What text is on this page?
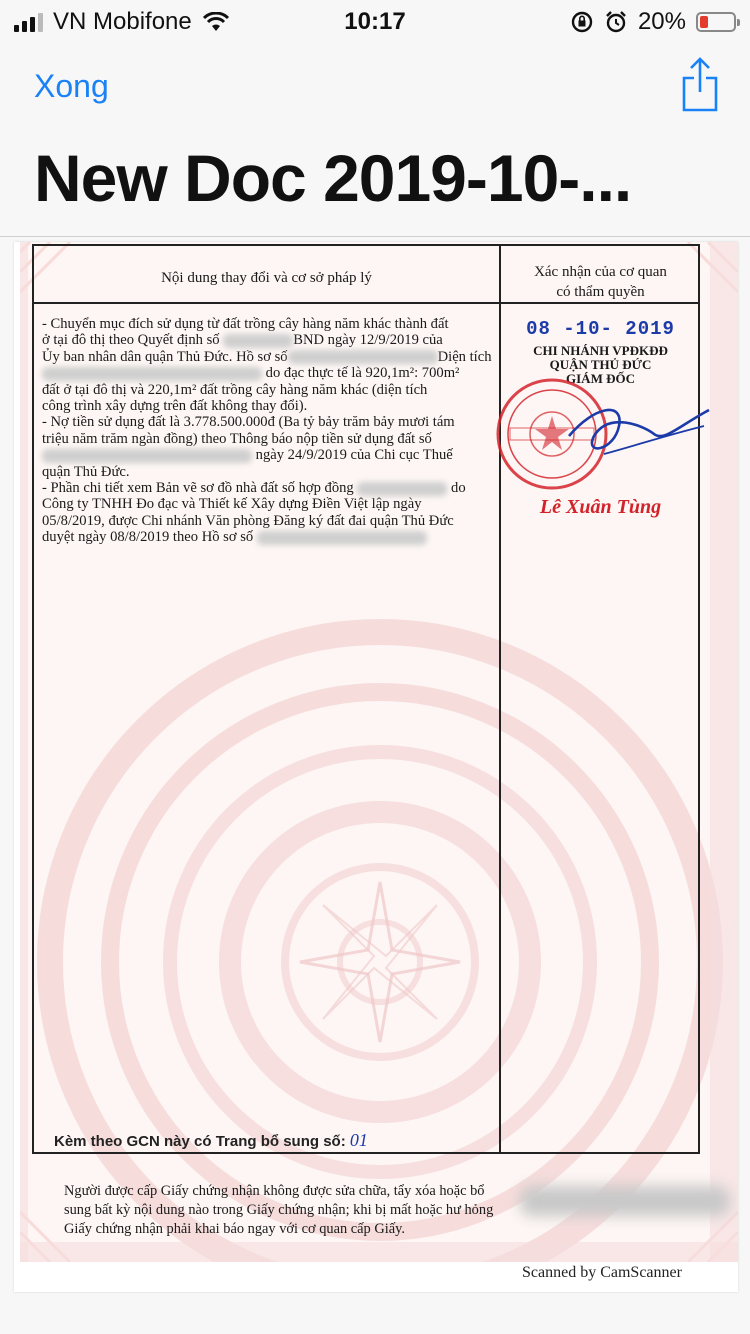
VN Mobifone	10:17	20%
Xong
New Doc 2019-10-...
Nội dung thay đổi và cơ sở pháp lý	Xác nhận của cơ quan
có thẩm quyền
- Chuyển mục đích sử dụng từ đất trồng cây hàng năm khác thành đất
ở tại đô thị theo Quyết định số	BND ngày 12/9/2019 của
Ủy ban nhân dân quận Thủ Đức. Hồ sơ số	Diện tích
do đạc thực tế là 920,1m²: 700m²
đất ở tại đô thị và 220,1m² đất trồng cây hàng năm khác (diện tích
công trình xây dựng trên đất không thay đổi).
- Nợ tiền sử dụng đất là 3.778.500.000đ (Ba tỷ bảy trăm bảy mươi tám
triệu năm trăm ngàn đồng) theo Thông báo nộp tiền sử dụng đất số
ngày 24/9/2019 của Chi cục Thuế
quận Thủ Đức.
- Phần chi tiết xem Bản vẽ sơ đồ nhà đất số hợp đồng	do
Công ty TNHH Đo đạc và Thiết kế Xây dựng Điền Việt lập ngày
05/8/2019, được Chi nhánh Văn phòng Đăng ký đất đai quận Thủ Đức
duyệt ngày 08/8/2019 theo Hồ sơ số
08 -10- 2019
CHI NHÁNH VPĐKĐĐ
QUẬN THỦ ĐỨC
GIÁM ĐỐC
Lê Xuân Tùng
Kèm theo GCN này có Trang bổ sung số: 01
Người được cấp Giấy chứng nhận không được sửa chữa, tẩy xóa hoặc bổ sung bất kỳ nội dung nào trong Giấy chứng nhận; khi bị mất hoặc hư hỏng Giấy chứng nhận phải khai báo ngay với cơ quan cấp Giấy.
Scanned by CamScanner
